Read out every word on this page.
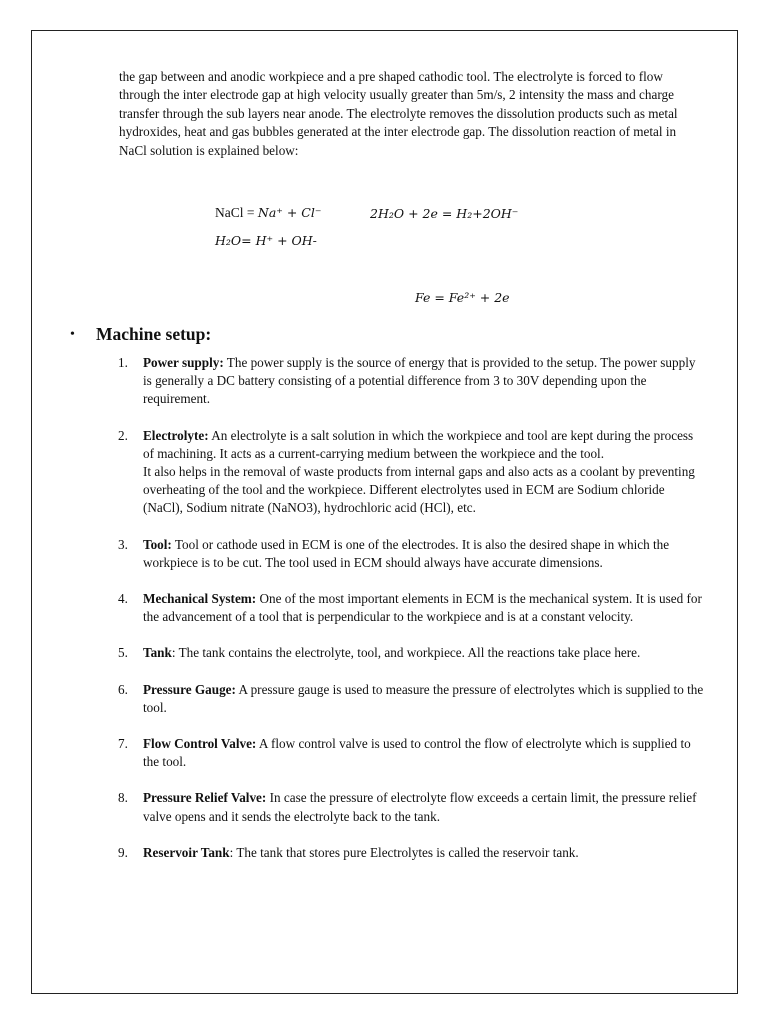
the gap between and anodic workpiece and a pre shaped cathodic tool. The electrolyte is forced to flow through the inter electrode gap at high velocity usually greater than 5m/s, 2 intensity the mass and charge transfer through the sub layers near anode. The electrolyte removes the dissolution products such as metal hydroxides, heat and gas bubbles generated at the inter electrode gap. The dissolution reaction of metal in NaCl solution is explained below:

NaCl = Na⁺ + Cl⁻	2H₂O + 2e = H₂+2OH⁻
H₂O= H⁺ + OH-
Fe = Fe²⁺ + 2e
•	Machine setup:
1. Power supply: The power supply is the source of energy that is provided to the setup. The power supply is generally a DC battery consisting of a potential difference from 3 to 30V depending upon the requirement.
2. Electrolyte: An electrolyte is a salt solution in which the workpiece and tool are kept during the process of machining. It acts as a current-carrying medium between the workpiece and the tool.
It also helps in the removal of waste products from internal gaps and also acts as a coolant by preventing overheating of the tool and the workpiece. Different electrolytes used in ECM are Sodium chloride (NaCl), Sodium nitrate (NaNO3), hydrochloric acid (HCl), etc.
3. Tool: Tool or cathode used in ECM is one of the electrodes. It is also the desired shape in which the workpiece is to be cut. The tool used in ECM should always have accurate dimensions.
4. Mechanical System: One of the most important elements in ECM is the mechanical system. It is used for the advancement of a tool that is perpendicular to the workpiece and is at a constant velocity.
5. Tank: The tank contains the electrolyte, tool, and workpiece. All the reactions take place here.
6. Pressure Gauge: A pressure gauge is used to measure the pressure of electrolytes which is supplied to the tool.
7. Flow Control Valve: A flow control valve is used to control the flow of electrolyte which is supplied to the tool.
8. Pressure Relief Valve: In case the pressure of electrolyte flow exceeds a certain limit, the pressure relief valve opens and it sends the electrolyte back to the tank.
9. Reservoir Tank: The tank that stores pure Electrolytes is called the reservoir tank.
